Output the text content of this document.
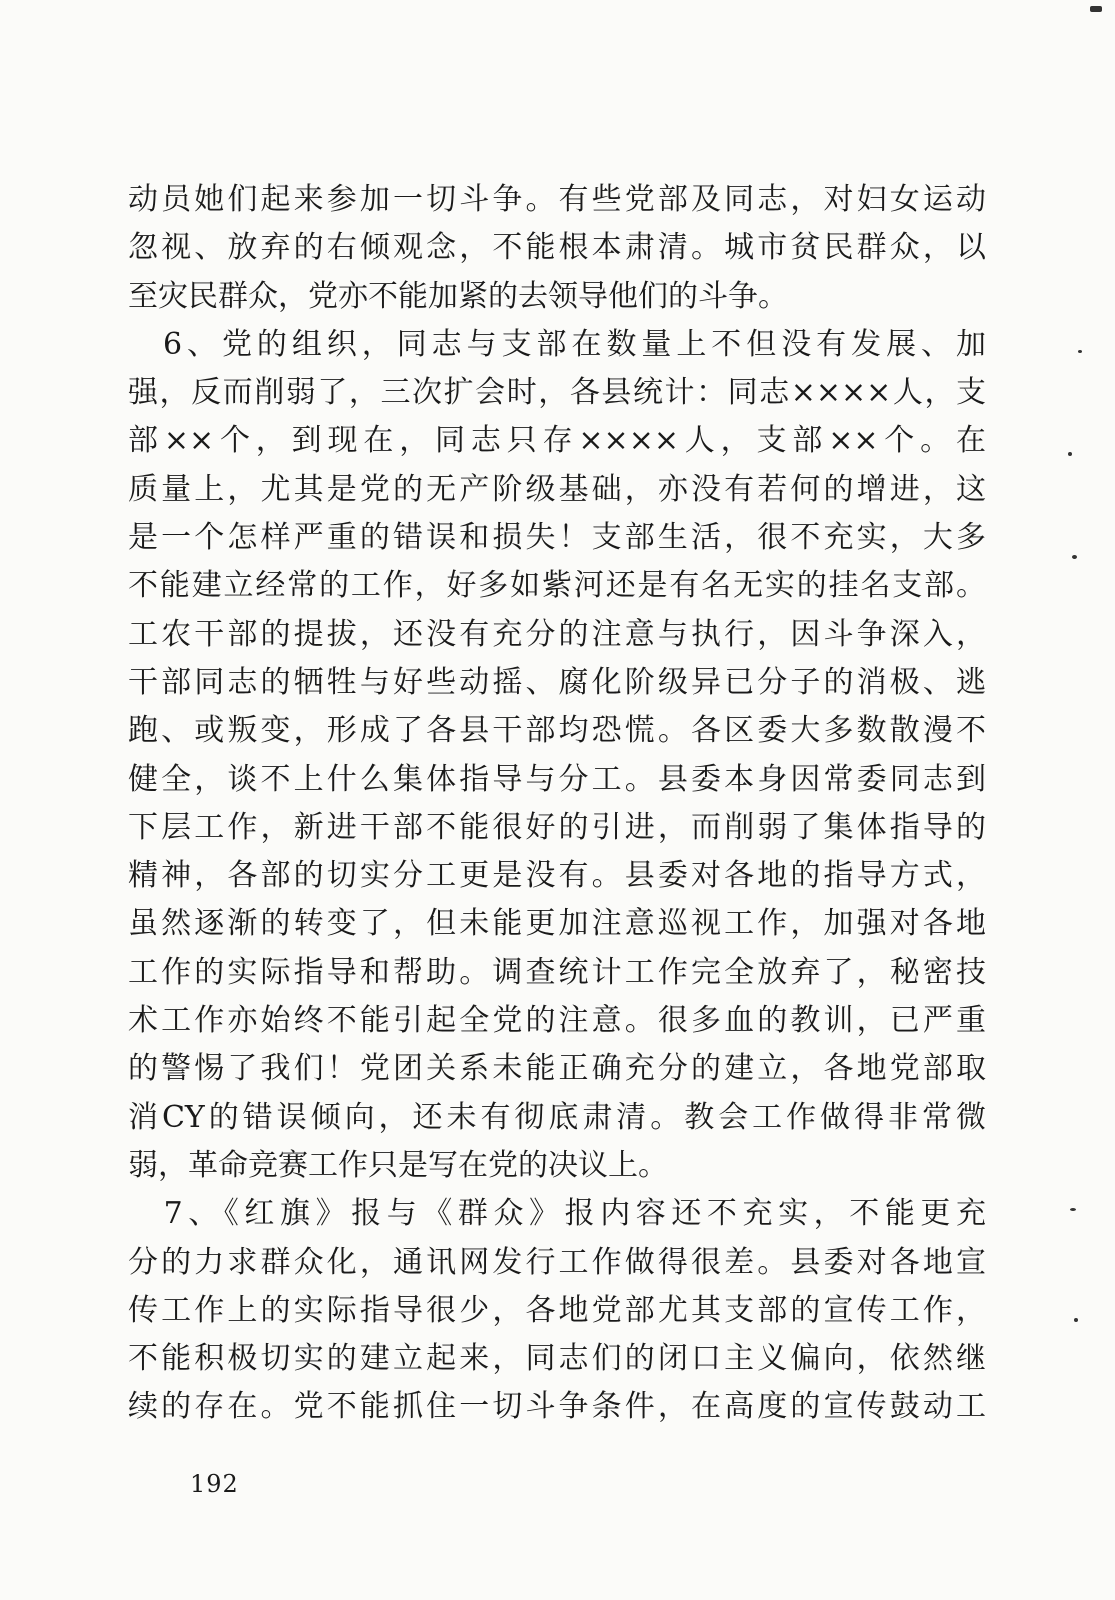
动员她们起来参加一切斗争。有些党部及同志，对妇女运动
忽视、放弃的右倾观念，不能根本肃清。城市贫民群众，以
至灾民群众，党亦不能加紧的去领导他们的斗争。
　6、党的组织，同志与支部在数量上不但没有发展、加
强，反而削弱了，三次扩会时，各县统计：同志××××人，支
部××个，到现在，同志只存××××人，支部××个。在
质量上，尤其是党的无产阶级基础，亦没有若何的增进，这
是一个怎样严重的错误和损失！支部生活，很不充实，大多
不能建立经常的工作，好多如紫河还是有名无实的挂名支部。
工农干部的提拔，还没有充分的注意与执行，因斗争深入，
干部同志的牺牲与好些动摇、腐化阶级异已分子的消极、逃
跑、或叛变，形成了各县干部均恐慌。各区委大多数散漫不
健全，谈不上什么集体指导与分工。县委本身因常委同志到
下层工作，新进干部不能很好的引进，而削弱了集体指导的
精神，各部的切实分工更是没有。县委对各地的指导方式，
虽然逐渐的转变了，但未能更加注意巡视工作，加强对各地
工作的实际指导和帮助。调查统计工作完全放弃了，秘密技
术工作亦始终不能引起全党的注意。很多血的教训，已严重
的警惕了我们！党团关系未能正确充分的建立，各地党部取
消CY的错误倾向，还未有彻底肃清。教会工作做得非常微
弱，革命竞赛工作只是写在党的决议上。
　7、《红旗》报与《群众》报内容还不充实，不能更充
分的力求群众化，通讯网发行工作做得很差。县委对各地宣
传工作上的实际指导很少，各地党部尤其支部的宣传工作，
不能积极切实的建立起来，同志们的闭口主义偏向，依然继
续的存在。党不能抓住一切斗争条件，在高度的宣传鼓动工
192
